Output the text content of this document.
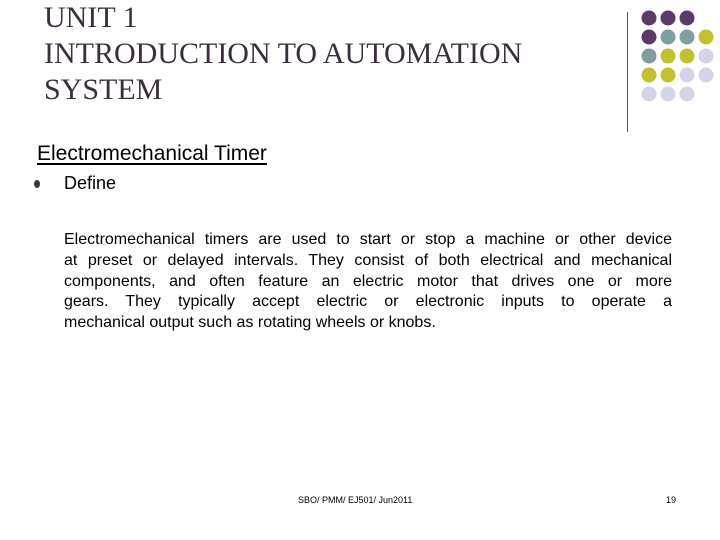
UNIT 1
INTRODUCTION TO AUTOMATION
SYSTEM
Electromechanical Timer
Define
Electromechanical timers are used to start or stop a machine or other device
at preset or delayed intervals. They consist of both electrical and mechanical
components, and often feature an electric motor that drives one or more
gears. They typically accept electric or electronic inputs to operate a
mechanical output such as rotating wheels or knobs.
SBO/ PMM/ EJ501/ Jun2011	19
